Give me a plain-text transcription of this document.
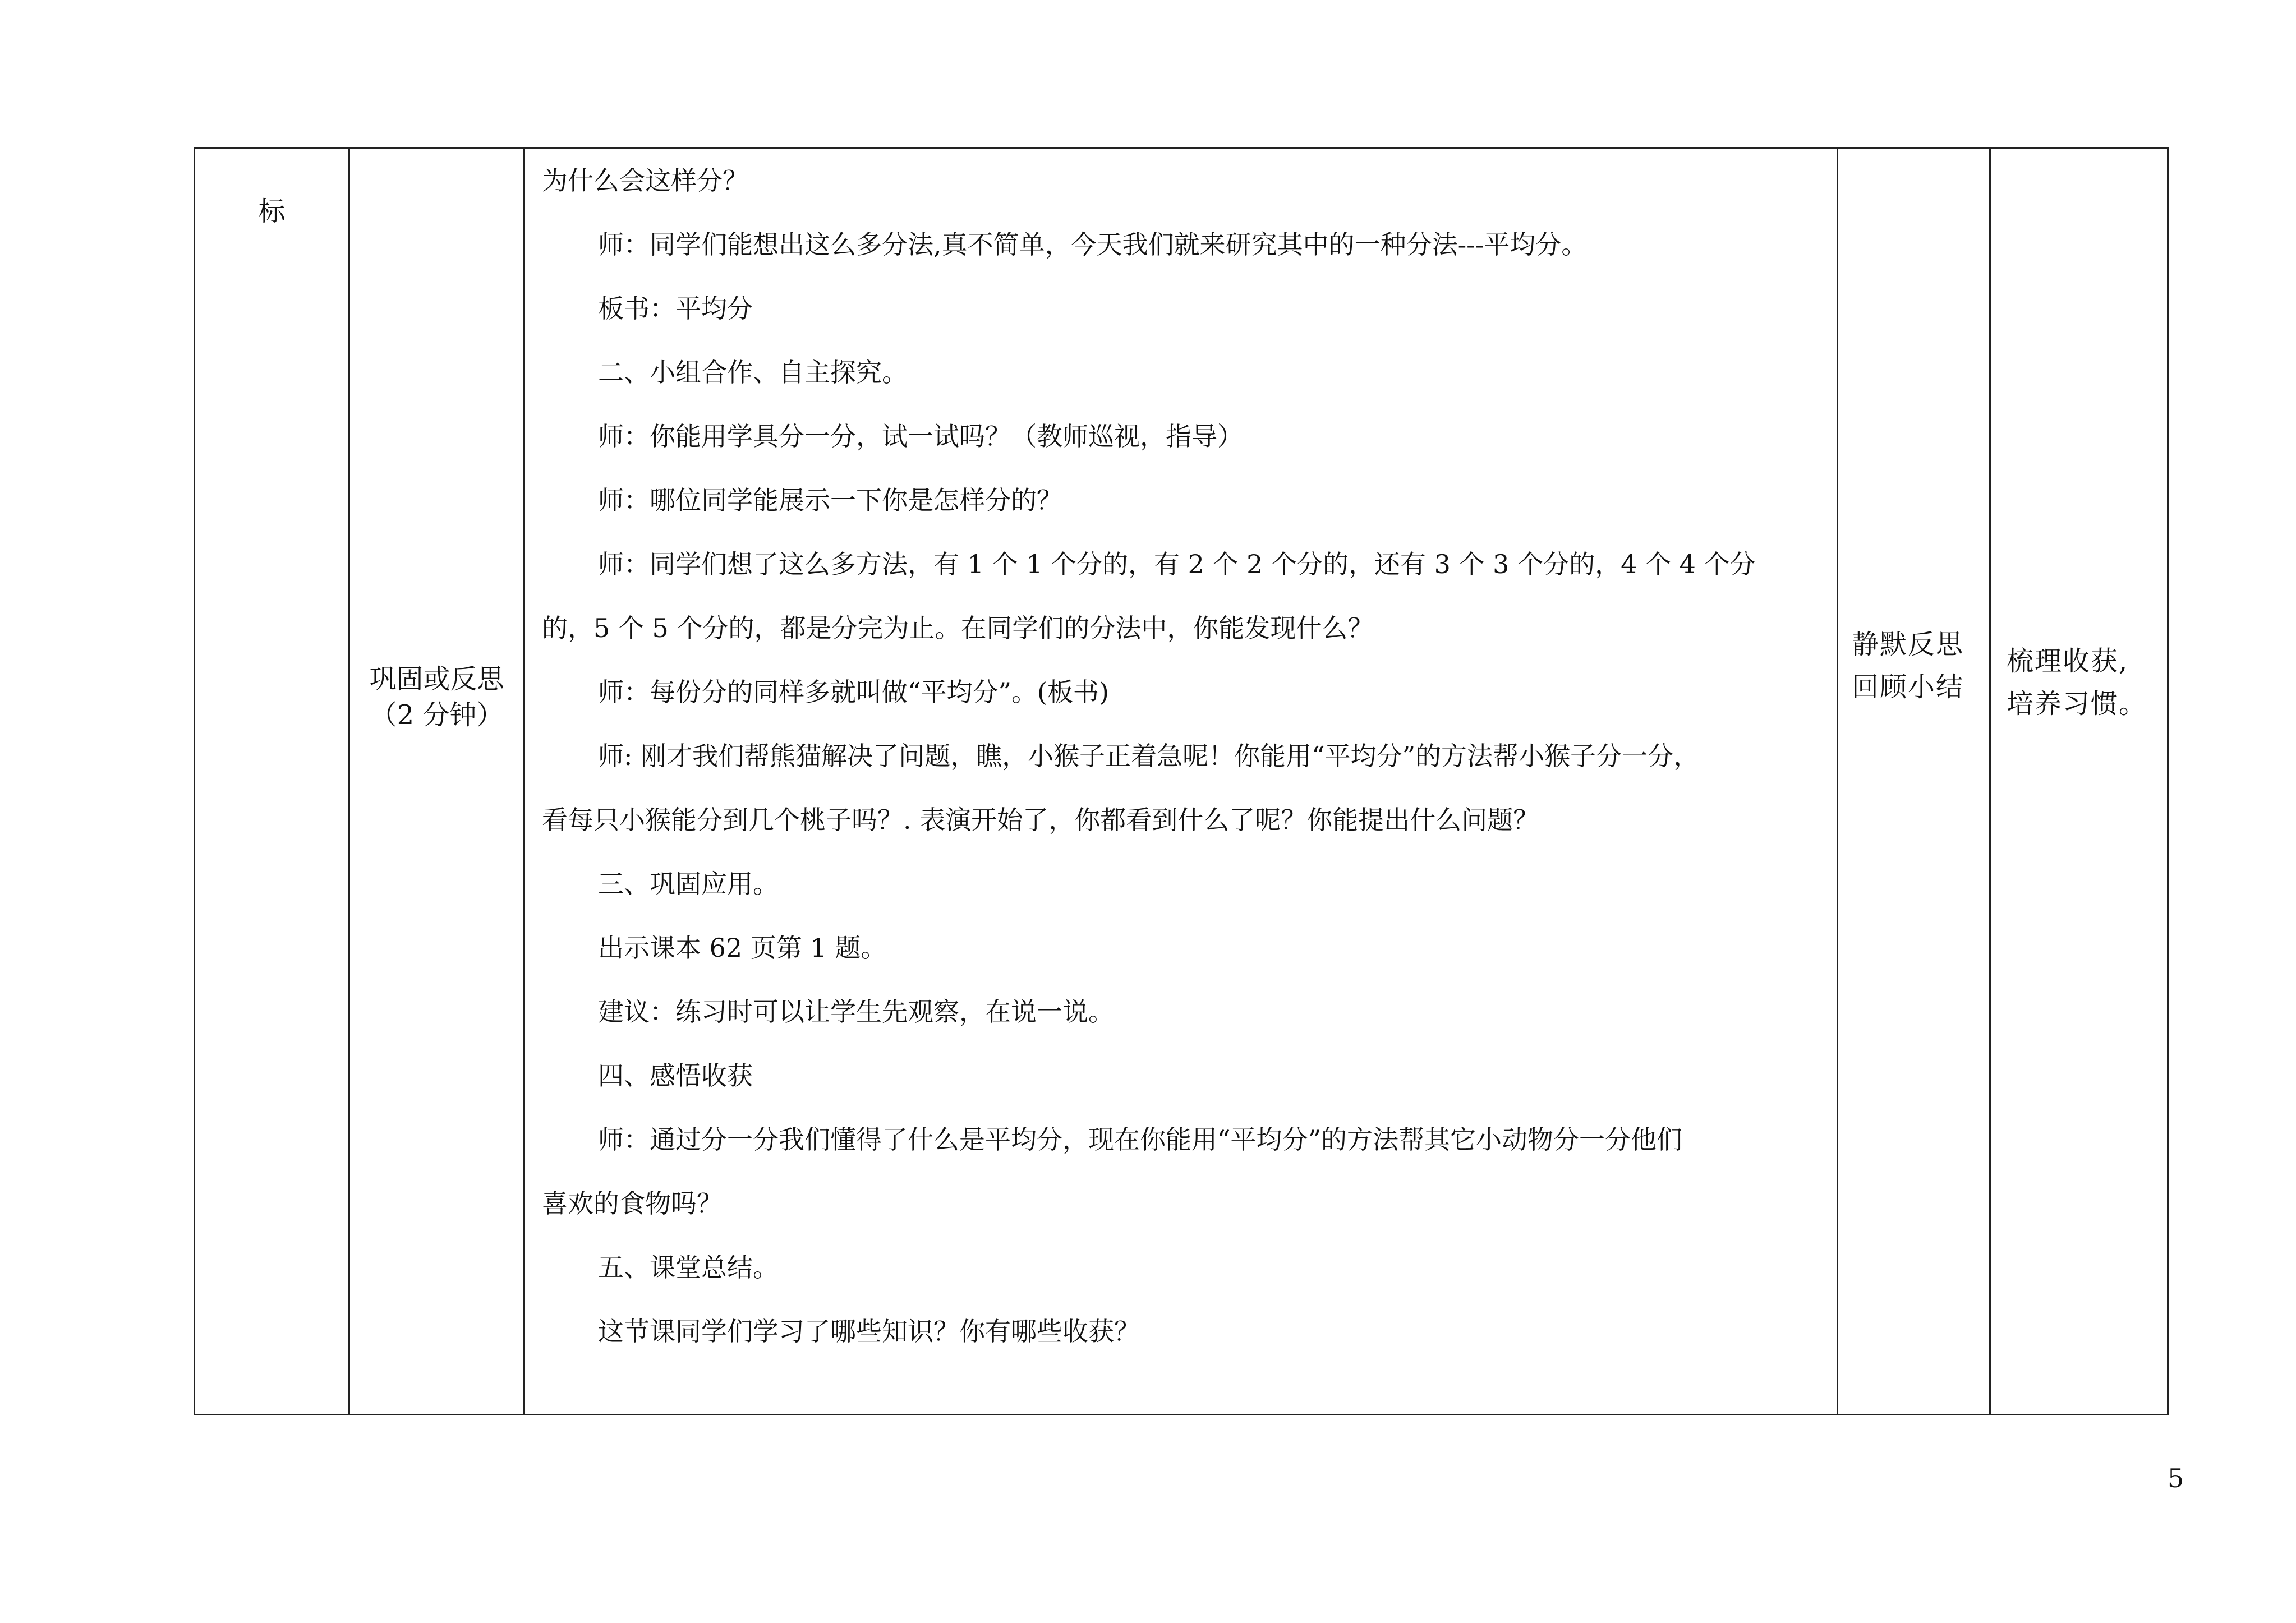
标

巩固或反思
（2 分钟）

为什么会这样分？
师：同学们能想出这么多分法,真不简单，今天我们就来研究其中的一种分法---平均分。
板书：平均分
二、小组合作、自主探究。
师：你能用学具分一分，试一试吗？（教师巡视，指导）
师：哪位同学能展示一下你是怎样分的？
师：同学们想了这么多方法，有 1 个 1 个分的，有 2 个 2 个分的，还有 3 个 3 个分的，4 个 4 个分
的，5 个 5 个分的，都是分完为止。在同学们的分法中，你能发现什么？
师：每份分的同样多就叫做“平均分”。(板书)
师: 刚才我们帮熊猫解决了问题，瞧，小猴子正着急呢！你能用“平均分”的方法帮小猴子分一分，
看每只小猴能分到几个桃子吗？. 表演开始了，你都看到什么了呢？你能提出什么问题？
三、巩固应用。
出示课本 62 页第 1 题。
建议：练习时可以让学生先观察，在说一说。
四、感悟收获
师：通过分一分我们懂得了什么是平均分，现在你能用“平均分”的方法帮其它小动物分一分他们
喜欢的食物吗？
五、课堂总结。
这节课同学们学习了哪些知识？你有哪些收获？

静默反思
回顾小结

梳理收获,
培养习惯。
5
